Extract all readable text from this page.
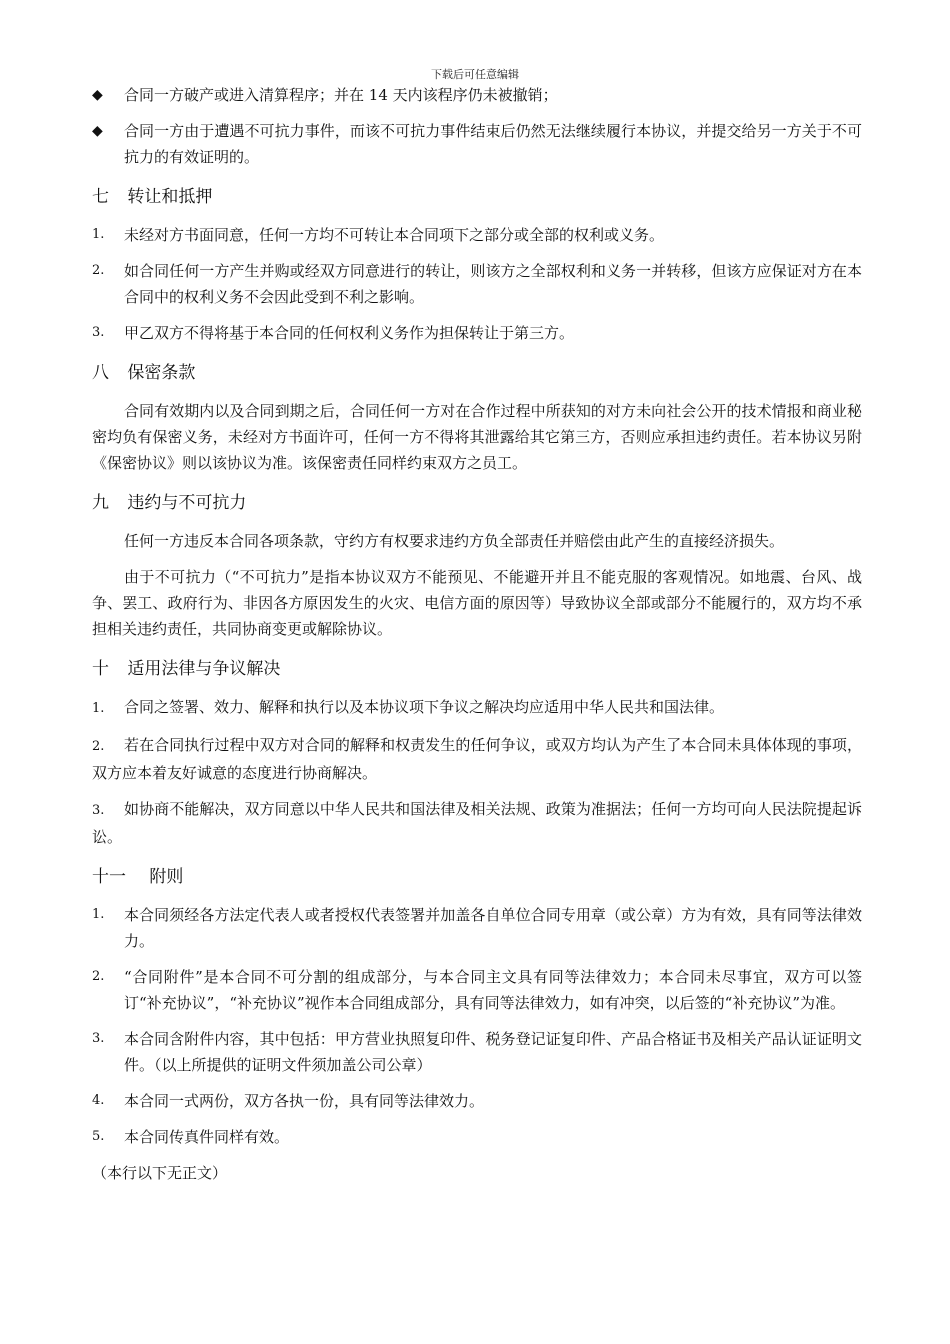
下载后可任意编辑
◆ 合同一方破产或进入清算程序；并在 14 天内该程序仍未被撤销；
◆ 合同一方由于遭遇不可抗力事件，而该不可抗力事件结束后仍然无法继续履行本协议，并提交给另一方关于不可抗力的有效证明的。
七 转让和抵押
1. 未经对方书面同意，任何一方均不可转让本合同项下之部分或全部的权利或义务。
2. 如合同任何一方产生并购或经双方同意进行的转让，则该方之全部权利和义务一并转移，但该方应保证对方在本合同中的权利义务不会因此受到不利之影响。
3. 甲乙双方不得将基于本合同的任何权利义务作为担保转让于第三方。
八 保密条款
合同有效期内以及合同到期之后，合同任何一方对在合作过程中所获知的对方未向社会公开的技术情报和商业秘密均负有保密义务，未经对方书面许可，任何一方不得将其泄露给其它第三方，否则应承担违约责任。若本协议另附《保密协议》则以该协议为准。该保密责任同样约束双方之员工。
九 违约与不可抗力
任何一方违反本合同各项条款，守约方有权要求违约方负全部责任并赔偿由此产生的直接经济损失。
由于不可抗力（“不可抗力”是指本协议双方不能预见、不能避开并且不能克服的客观情况。如地震、台风、战争、罢工、政府行为、非因各方原因发生的火灾、电信方面的原因等）导致协议全部或部分不能履行的，双方均不承担相关违约责任，共同协商变更或解除协议。
十 适用法律与争议解决
1. 合同之签署、效力、解释和执行以及本协议项下争议之解决均应适用中华人民共和国法律。
2. 若在合同执行过程中双方对合同的解释和权责发生的任何争议，或双方均认为产生了本合同未具体体现的事项，双方应本着友好诚意的态度进行协商解决。
3. 如协商不能解决，双方同意以中华人民共和国法律及相关法规、政策为准据法；任何一方均可向人民法院提起诉讼。
十一 附则
1. 本合同须经各方法定代表人或者授权代表签署并加盖各自单位合同专用章（或公章）方为有效，具有同等法律效力。
2. “合同附件”是本合同不可分割的组成部分，与本合同主文具有同等法律效力；本合同未尽事宜，双方可以签订“补充协议”，“补充协议”视作本合同组成部分，具有同等法律效力，如有冲突，以后签的“补充协议”为准。
3. 本合同含附件内容，其中包括：甲方营业执照复印件、税务登记证复印件、产品合格证书及相关产品认证证明文件。（以上所提供的证明文件须加盖公司公章）
4. 本合同一式两份，双方各执一份，具有同等法律效力。
5. 本合同传真件同样有效。
（本行以下无正文）
